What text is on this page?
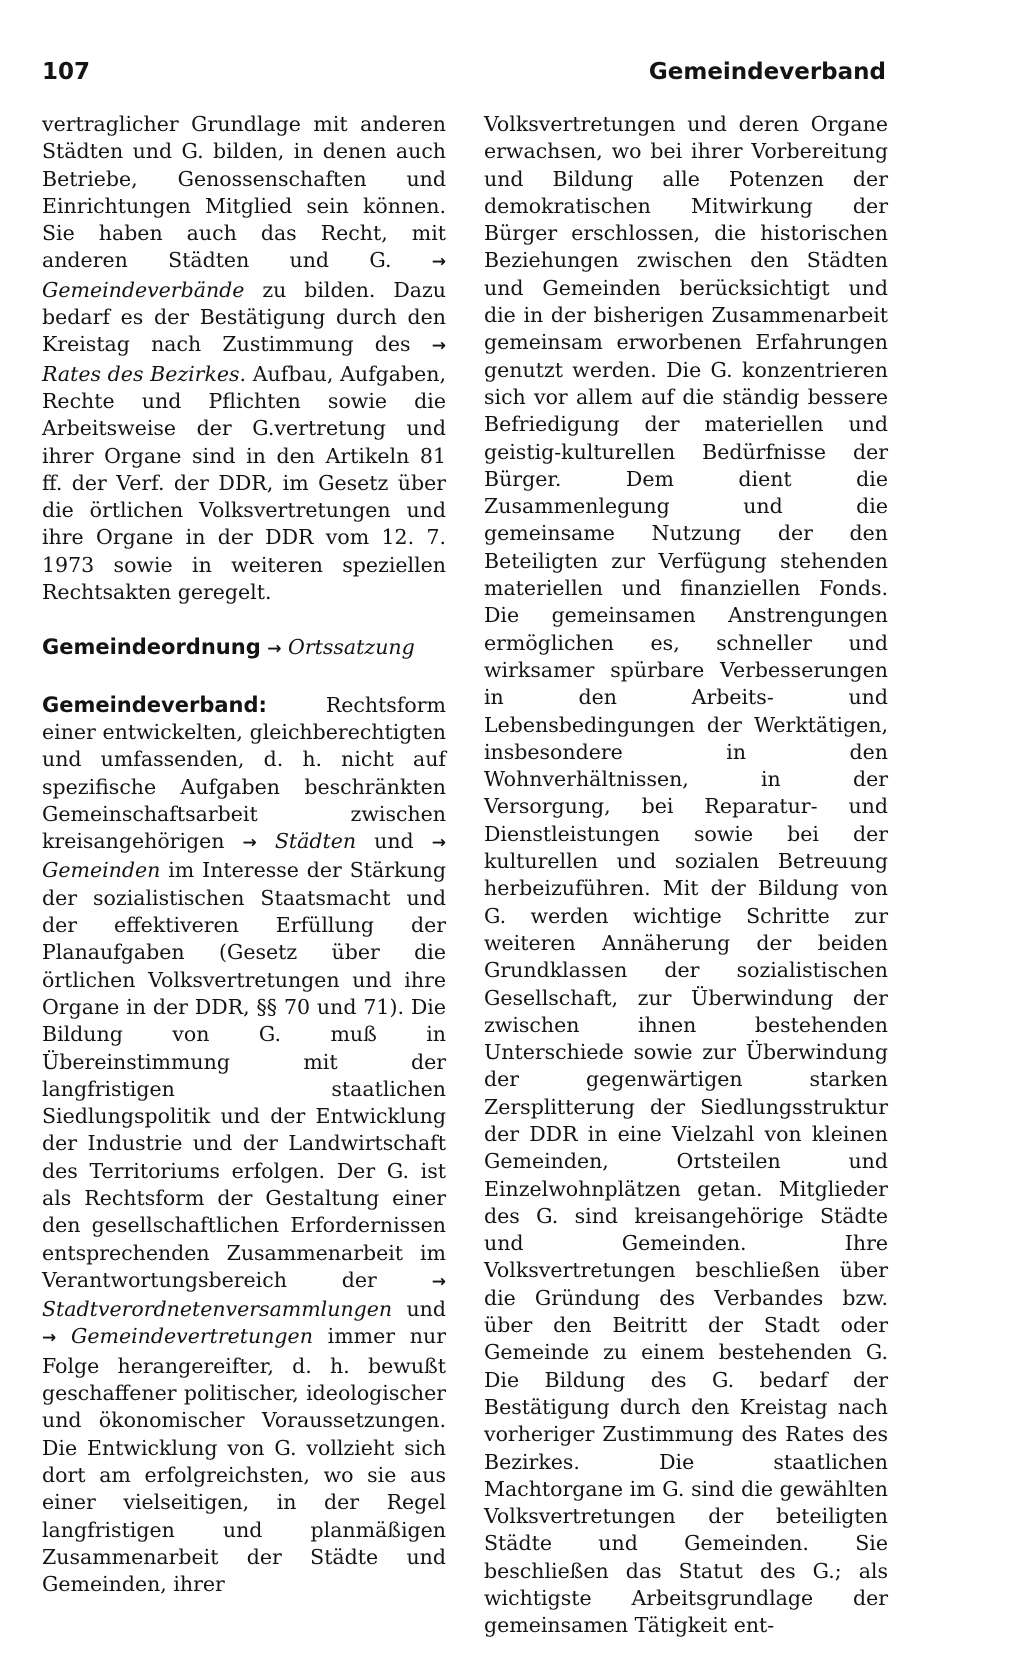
107	Gemeindeverband

vertraglicher Grundlage mit anderen Städten und G. bilden, in denen auch Betriebe, Genossenschaften und Einrichtungen Mitglied sein können. Sie haben auch das Recht, mit anderen Städten und G. → Gemeindeverbände zu bilden. Dazu bedarf es der Bestätigung durch den Kreistag nach Zustimmung des → Rates des Bezirkes. Aufbau, Aufgaben, Rechte und Pflichten sowie die Arbeitsweise der G.vertretung und ihrer Organe sind in den Artikeln 81 ff. der Verf. der DDR, im Gesetz über die örtlichen Volksvertretungen und ihre Organe in der DDR vom 12. 7. 1973 sowie in weiteren speziellen Rechtsakten geregelt.

Gemeindeordnung → Ortssatzung

Gemeindeverband: Rechtsform einer entwickelten, gleichberechtigten und umfassenden, d. h. nicht auf spezifische Aufgaben beschränkten Gemeinschaftsarbeit zwischen kreisangehörigen → Städten und → Gemeinden im Interesse der Stärkung der sozialistischen Staatsmacht und der effektiveren Erfüllung der Planaufgaben (Gesetz über die örtlichen Volksvertretungen und ihre Organe in der DDR, §§ 70 und 71). Die Bildung von G. muß in Übereinstimmung mit der langfristigen staatlichen Siedlungspolitik und der Entwicklung der Industrie und der Landwirtschaft des Territoriums erfolgen. Der G. ist als Rechtsform der Gestaltung einer den gesellschaftlichen Erfordernissen entsprechenden Zusammenarbeit im Verantwortungsbereich der → Stadtverordnetenversammlungen und → Gemeindevertretungen immer nur Folge herangereifter, d. h. bewußt geschaffener politischer, ideologischer und ökonomischer Voraussetzungen. Die Entwicklung von G. vollzieht sich dort am erfolgreichsten, wo sie aus einer vielseitigen, in der Regel langfristigen und planmäßigen Zusammenarbeit der Städte und Gemeinden, ihrer

Volksvertretungen und deren Organe erwachsen, wo bei ihrer Vorbereitung und Bildung alle Potenzen der demokratischen Mitwirkung der Bürger erschlossen, die historischen Beziehungen zwischen den Städten und Gemeinden berücksichtigt und die in der bisherigen Zusammenarbeit gemeinsam erworbenen Erfahrungen genutzt werden. Die G. konzentrieren sich vor allem auf die ständig bessere Befriedigung der materiellen und geistig-kulturellen Bedürfnisse der Bürger. Dem dient die Zusammenlegung und die gemeinsame Nutzung der den Beteiligten zur Verfügung stehenden materiellen und finanziellen Fonds. Die gemeinsamen Anstrengungen ermöglichen es, schneller und wirksamer spürbare Verbesserungen in den Arbeits- und Lebensbedingungen der Werktätigen, insbesondere in den Wohnverhältnissen, in der Versorgung, bei Reparatur- und Dienstleistungen sowie bei der kulturellen und sozialen Betreuung herbeizuführen. Mit der Bildung von G. werden wichtige Schritte zur weiteren Annäherung der beiden Grundklassen der sozialistischen Gesellschaft, zur Überwindung der zwischen ihnen bestehenden Unterschiede sowie zur Überwindung der gegenwärtigen starken Zersplitterung der Siedlungsstruktur der DDR in eine Vielzahl von kleinen Gemeinden, Ortsteilen und Einzelwohnplätzen getan. Mitglieder des G. sind kreisangehörige Städte und Gemeinden. Ihre Volksvertretungen beschließen über die Gründung des Verbandes bzw. über den Beitritt der Stadt oder Gemeinde zu einem bestehenden G. Die Bildung des G. bedarf der Bestätigung durch den Kreistag nach vorheriger Zustimmung des Rates des Bezirkes. Die staatlichen Machtorgane im G. sind die gewählten Volksvertretungen der beteiligten Städte und Gemeinden. Sie beschließen das Statut des G.; als wichtigste Arbeitsgrundlage der gemeinsamen Tätigkeit ent-
